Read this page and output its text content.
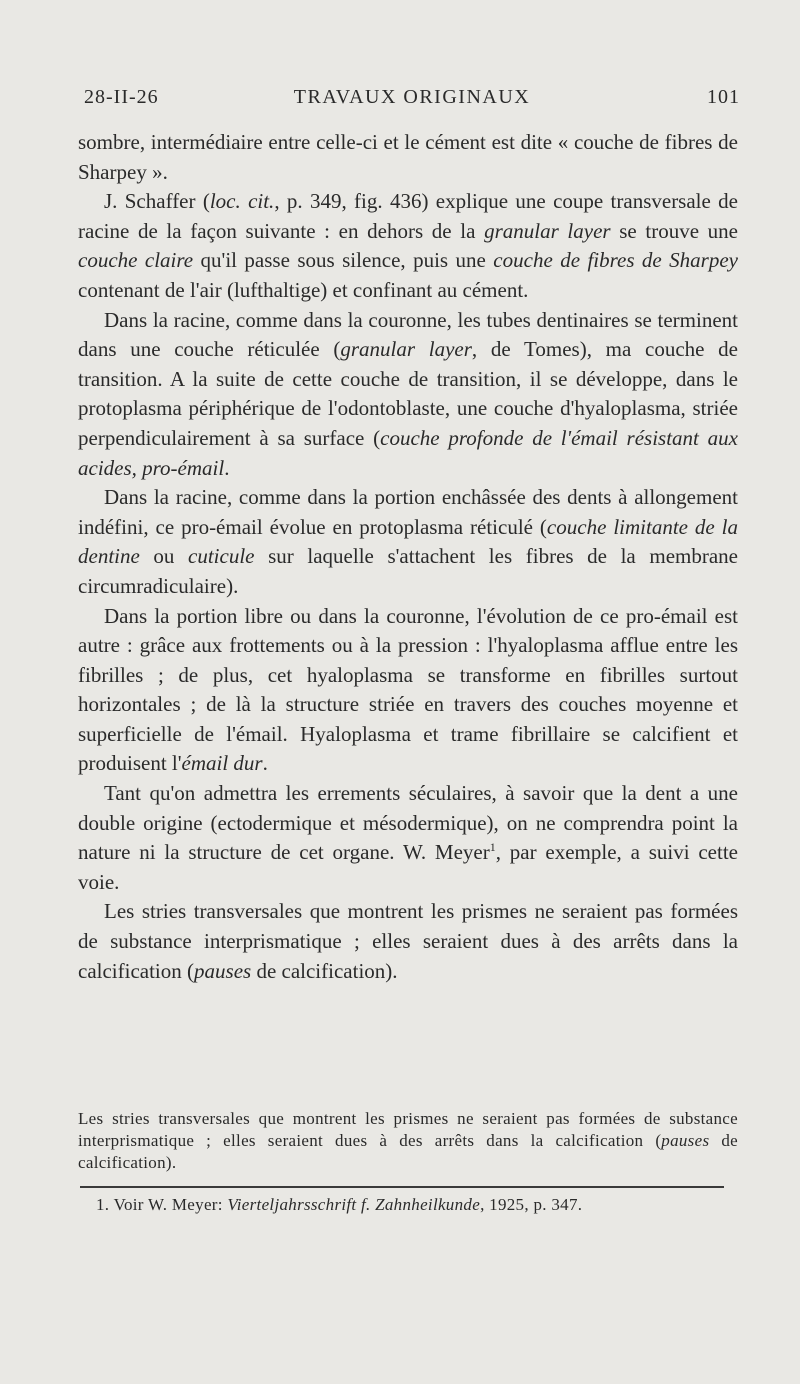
28-II-26	TRAVAUX ORIGINAUX	101

sombre, intermédiaire entre celle-ci et le cément est dite « couche de fibres de Sharpey ».

J. Schaffer (loc. cit., p. 349, fig. 436) explique une coupe transversale de racine de la façon suivante : en dehors de la granular layer se trouve une couche claire qu'il passe sous silence, puis une couche de fibres de Sharpey contenant de l'air (lufthaltige) et confinant au cément.

Dans la racine, comme dans la couronne, les tubes dentinaires se terminent dans une couche réticulée (granular layer, de Tomes), ma couche de transition. A la suite de cette couche de transition, il se développe, dans le protoplasma périphérique de l'odontoblaste, une couche d'hyaloplasma, striée perpendiculairement à sa surface (couche profonde de l'émail résistant aux acides, pro-émail.

Dans la racine, comme dans la portion enchâssée des dents à allongement indéfini, ce pro-émail évolue en protoplasma réticulé (couche limitante de la dentine ou cuticule sur laquelle s'attachent les fibres de la membrane circumradiculaire).

Dans la portion libre ou dans la couronne, l'évolution de ce pro-émail est autre : grâce aux frottements ou à la pression : l'hyaloplasma afflue entre les fibrilles ; de plus, cet hyaloplasma se transforme en fibrilles surtout horizontales ; de là la structure striée en travers des couches moyenne et superficielle de l'émail. Hyaloplasma et trame fibrillaire se calcifient et produisent l'émail dur.

Tant qu'on admettra les errements séculaires, à savoir que la dent a une double origine (ectodermique et mésodermique), on ne comprendra point la nature ni la structure de cet organe. W. Meyer$^1$, par exemple, a suivi cette voie.

Les stries transversales que montrent les prismes ne seraient pas formées de substance interprismatique ; elles seraient dues à des arrêts dans la calcification (pauses de calcification).

Les stries transversales que montrent les prismes ne seraient pas formées de substance interprismatique ; elles seraient dues à des arrêts dans la calcification (pauses de calcification).
1. Voir W. Meyer: Vierteljahrsschrift f. Zahnheilkunde, 1925, p. 347.
